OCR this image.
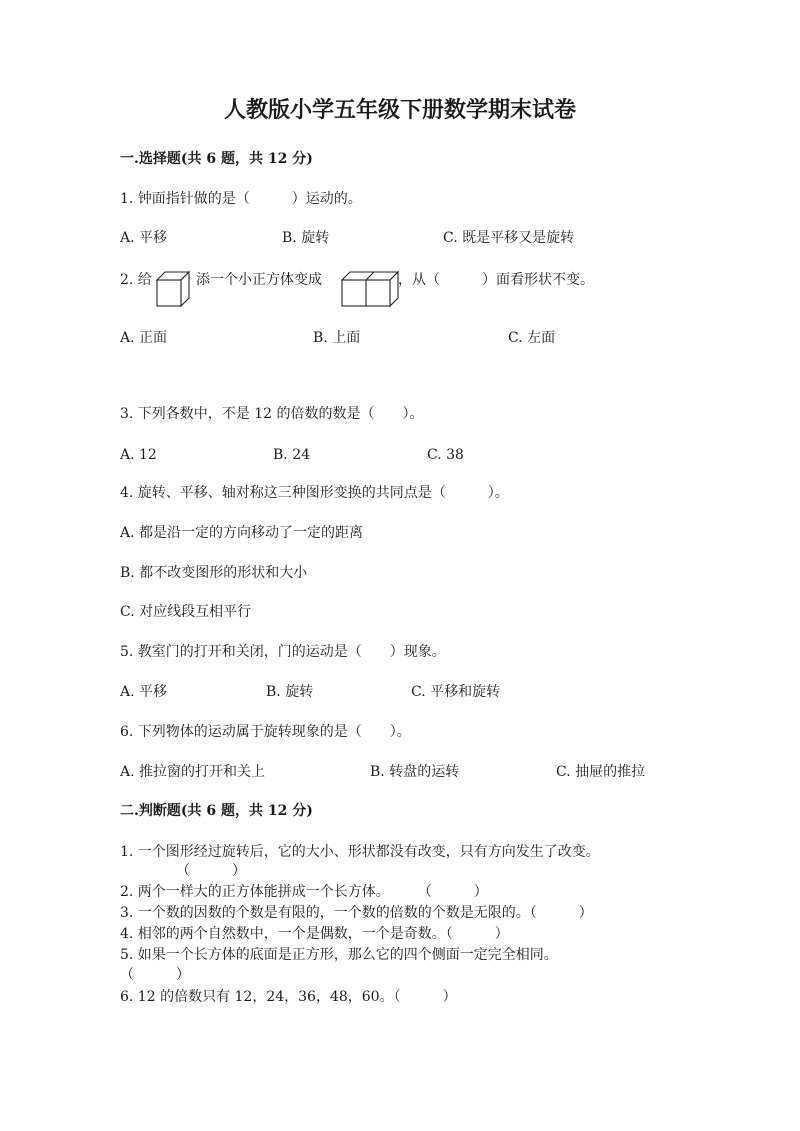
人教版小学五年级下册数学期末试卷
一.选择题(共 6 题，共 12 分)
1. 钟面指针做的是（　　　）运动的。
A. 平移	B. 旋转	C. 既是平移又是旋转
2. 给	添一个小正方体变成	，从（　　　）面看形状不变。
A. 正面	B. 上面	C. 左面
3. 下列各数中，不是 12 的倍数的数是（　　）。
A. 12	B. 24	C. 38
4. 旋转、平移、轴对称这三种图形变换的共同点是（　　　）。
A. 都是沿一定的方向移动了一定的距离
B. 都不改变图形的形状和大小
C. 对应线段互相平行
5. 教室门的打开和关闭，门的运动是（　　）现象。
A. 平移	B. 旋转	C. 平移和旋转
6. 下列物体的运动属于旋转现象的是（　　）。
A. 推拉窗的打开和关上	B. 转盘的运转	C. 抽屉的推拉
二.判断题(共 6 题，共 12 分)
1. 一个图形经过旋转后，它的大小、形状都没有改变，只有方向发生了改变。
（　　　）
2. 两个一样大的正方体能拼成一个长方体。　　　（　　　）
3. 一个数的因数的个数是有限的，一个数的倍数的个数是无限的。（　　　）
4. 相邻的两个自然数中，一个是偶数，一个是奇数。（　　　）
5. 如果一个长方体的底面是正方形，那么它的四个侧面一定完全相同。
（　　　）
6. 12 的倍数只有 12，24，36，48，60。（　　　）
